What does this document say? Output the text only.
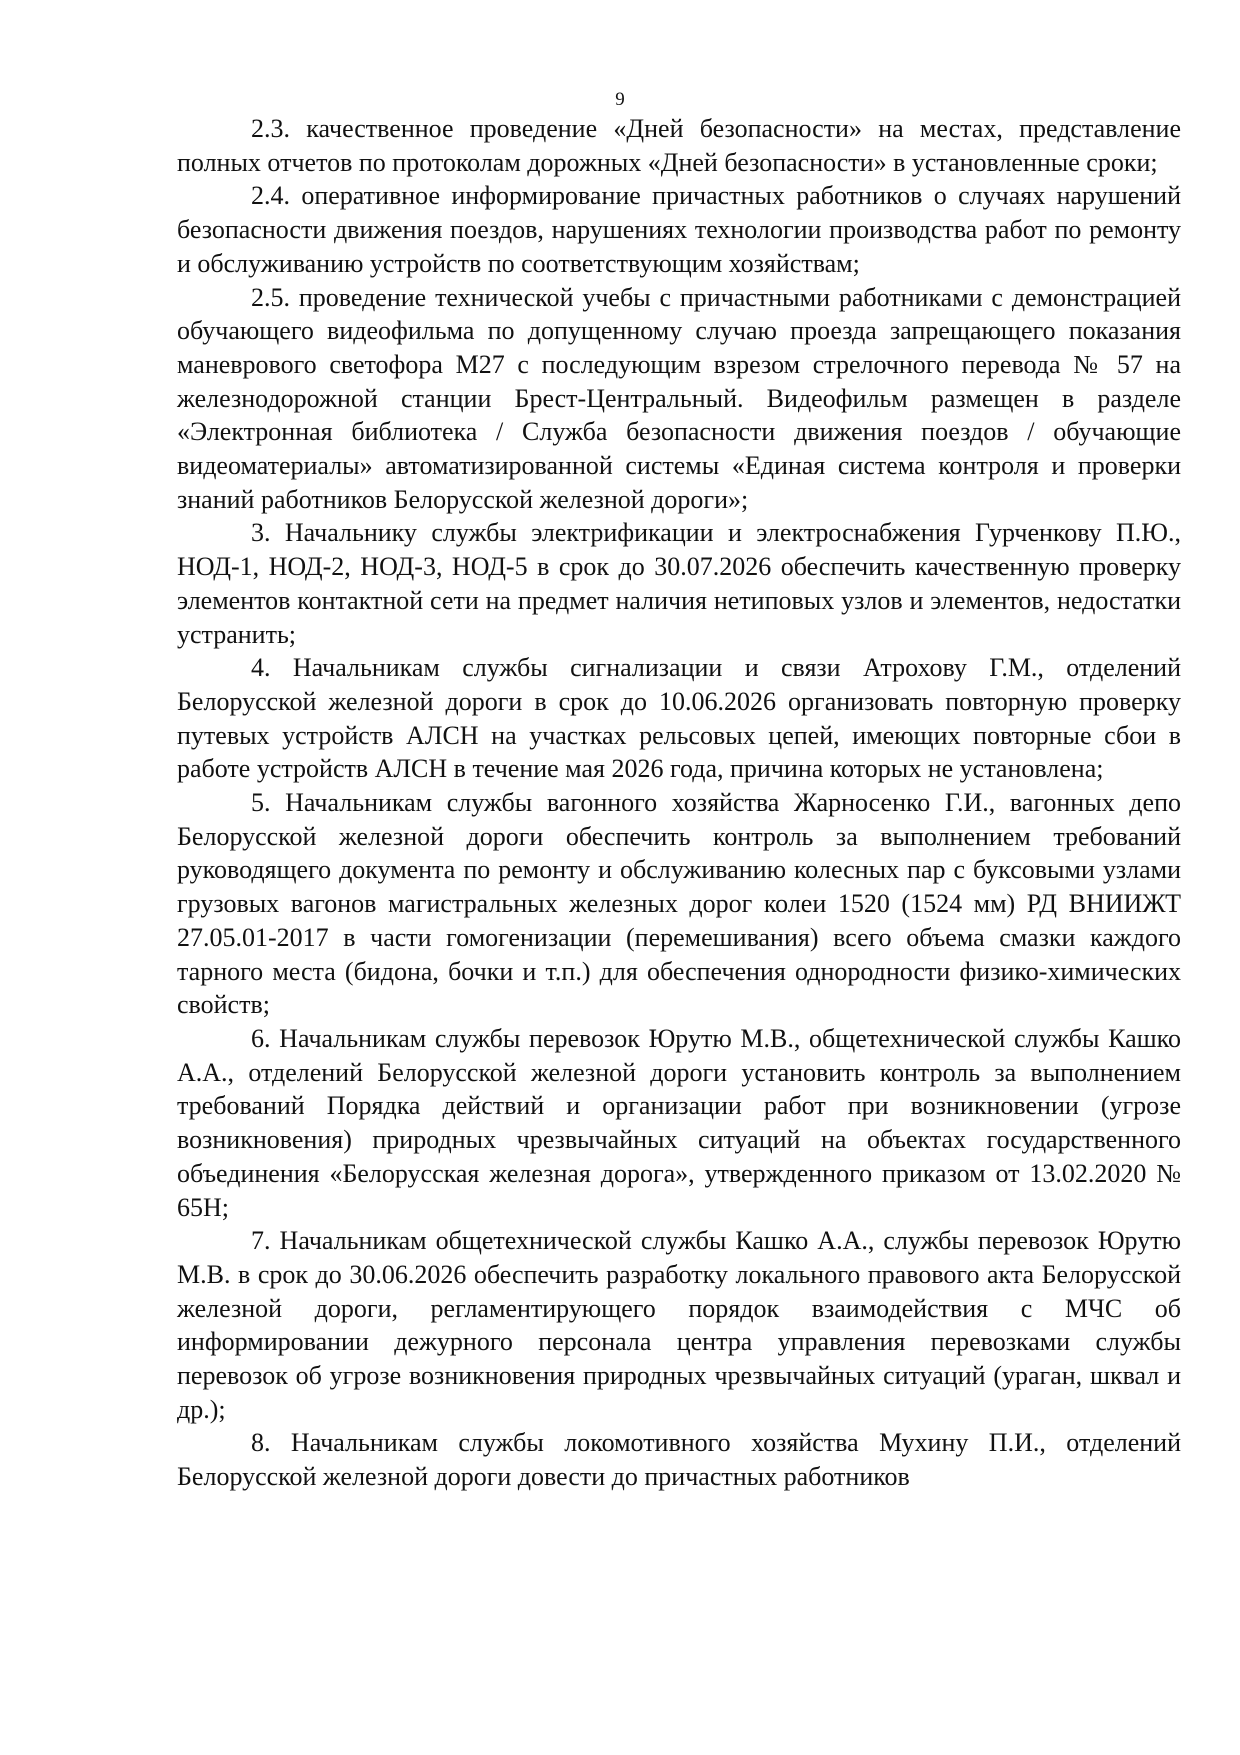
9

2.3. качественное проведение «Дней безопасности» на местах, представление полных отчетов по протоколам дорожных «Дней безопасности» в установленные сроки;

2.4. оперативное информирование причастных работников о случаях нарушений безопасности движения поездов, нарушениях технологии производства работ по ремонту и обслуживанию устройств по соответствующим хозяйствам;

2.5. проведение технической учебы с причастными работниками с демонстрацией обучающего видеофильма по допущенному случаю проезда запрещающего показания маневрового светофора М27 с последующим взрезом стрелочного перевода № 57 на железнодорожной станции Брест-Центральный. Видеофильм размещен в разделе «Электронная библиотека / Служба безопасности движения поездов / обучающие видеоматериалы» автоматизированной системы «Единая система контроля и проверки знаний работников Белорусской железной дороги»;

3. Начальнику службы электрификации и электроснабжения Гурченкову П.Ю., НОД-1, НОД-2, НОД-3, НОД-5 в срок до 30.07.2026 обеспечить качественную проверку элементов контактной сети на предмет наличия нетиповых узлов и элементов, недостатки устранить;

4. Начальникам службы сигнализации и связи Атрохову Г.М., отделений Белорусской железной дороги в срок до 10.06.2026 организовать повторную проверку путевых устройств АЛСН на участках рельсовых цепей, имеющих повторные сбои в работе устройств АЛСН в течение мая 2026 года, причина которых не установлена;

5. Начальникам службы вагонного хозяйства Жарносенко Г.И., вагонных депо Белорусской железной дороги обеспечить контроль за выполнением требований руководящего документа по ремонту и обслуживанию колесных пар с буксовыми узлами грузовых вагонов магистральных железных дорог колеи 1520 (1524 мм) РД ВНИИЖТ 27.05.01-2017 в части гомогенизации (перемешивания) всего объема смазки каждого тарного места (бидона, бочки и т.п.) для обеспечения однородности физико-химических свойств;

6. Начальникам службы перевозок Юрутю М.В., общетехнической службы Кашко А.А., отделений Белорусской железной дороги установить контроль за выполнением требований Порядка действий и организации работ при возникновении (угрозе возникновения) природных чрезвычайных ситуаций на объектах государственного объединения «Белорусская железная дорога», утвержденного приказом от 13.02.2020 № 65Н;

7. Начальникам общетехнической службы Кашко А.А., службы перевозок Юрутю М.В. в срок до 30.06.2026 обеспечить разработку локального правового акта Белорусской железной дороги, регламентирующего порядок взаимодействия с МЧС об информировании дежурного персонала центра управления перевозками службы перевозок об угрозе возникновения природных чрезвычайных ситуаций (ураган, шквал и др.);

8. Начальникам службы локомотивного хозяйства Мухину П.И., отделений Белорусской железной дороги довести до причастных работников
